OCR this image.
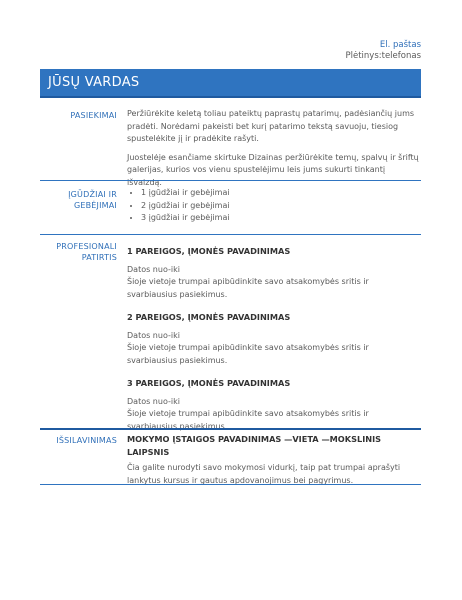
El. paštas
Plėtinys:telefonas
JŪSŲ VARDAS
PASIEKIMAI Peržiūrėkite keletą toliau pateiktų paprastų patarimų, padėsiančių jums pradėti. Norėdami pakeisti bet kurį patarimo tekstą savuoju, tiesiog spustelėkite jį ir pradėkite rašyti.

Juostelėje esančiame skirtuke Dizainas peržiūrėkite temų, spalvų ir šriftų galerijas, kurios vos vienu spustelėjimu leis jums sukurti tinkantį išvaizdą.

ĮGŪDŽIAI IR
GEBĖJIMAI
• 1 įgūdžiai ir gebėjimai
• 2 įgūdžiai ir gebėjimai
• 3 įgūdžiai ir gebėjimai
PROFESIONALI
PATIRTIS
1 PAREIGOS, ĮMONĖS PAVADINIMAS
Datos nuo-iki
Šioje vietoje trumpai apibūdinkite savo atsakomybės sritis ir svarbiausius pasiekimus.
2 PAREIGOS, ĮMONĖS PAVADINIMAS
Datos nuo-iki
Šioje vietoje trumpai apibūdinkite savo atsakomybės sritis ir svarbiausius pasiekimus.
3 PAREIGOS, ĮMONĖS PAVADINIMAS
Datos nuo-iki
Šioje vietoje trumpai apibūdinkite savo atsakomybės sritis ir svarbiausius pasiekimus.
IŠSILAVINIMAS MOKYMO ĮSTAIGOS PAVADINIMAS —VIETA —MOKSLINIS LAIPSNIS
Čia galite nurodyti savo mokymosi vidurkį, taip pat trumpai aprašyti lankytus kursus ir gautus apdovanojimus bei pagyrimus.
